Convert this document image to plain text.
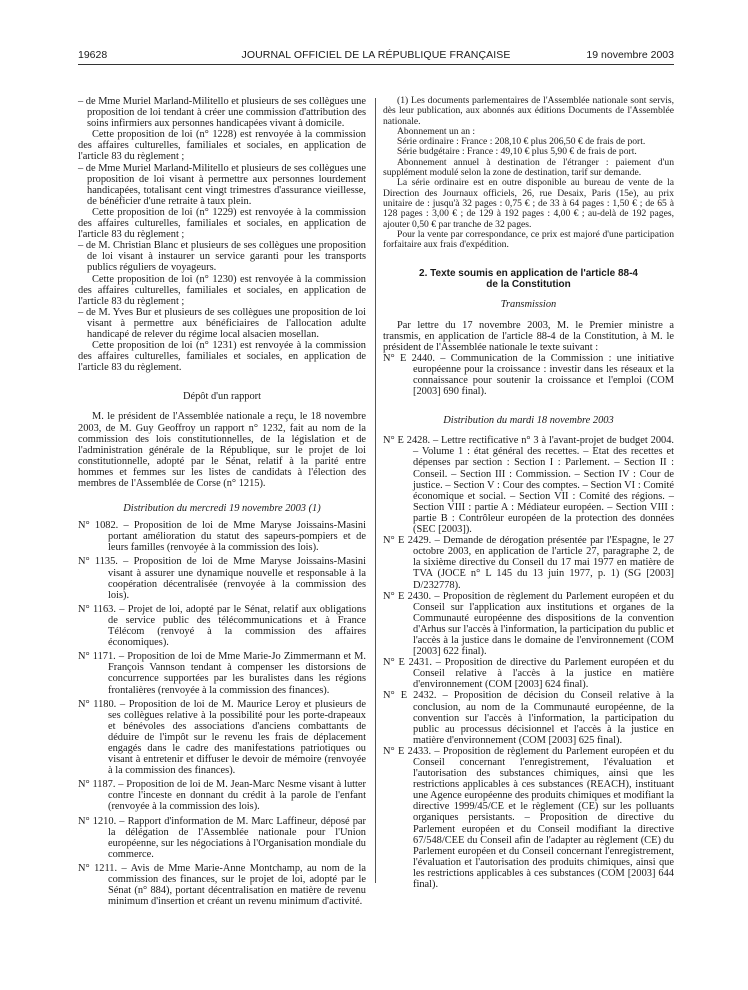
19628	JOURNAL OFFICIEL DE LA RÉPUBLIQUE FRANÇAISE	19 novembre 2003

– de Mme Muriel Marland-Militello et plusieurs de ses collègues une proposition de loi tendant à créer une commission d'attribution des soins infirmiers aux personnes handicapées vivant à domicile.

Cette proposition de loi (n° 1228) est renvoyée à la commission des affaires culturelles, familiales et sociales, en application de l'article 83 du règlement ;

– de Mme Muriel Marland-Militello et plusieurs de ses collègues une proposition de loi visant à permettre aux personnes lourdement handicapées, totalisant cent vingt trimestres d'assurance vieillesse, de bénéficier d'une retraite à taux plein.

Cette proposition de loi (n° 1229) est renvoyée à la commission des affaires culturelles, familiales et sociales, en application de l'article 83 du règlement ;

– de M. Christian Blanc et plusieurs de ses collègues une proposition de loi visant à instaurer un service garanti pour les transports publics réguliers de voyageurs.

Cette proposition de loi (n° 1230) est renvoyée à la commission des affaires culturelles, familiales et sociales, en application de l'article 83 du règlement ;

– de M. Yves Bur et plusieurs de ses collègues une proposition de loi visant à permettre aux bénéficiaires de l'allocation adulte handicapé de relever du régime local alsacien mosellan.

Cette proposition de loi (n° 1231) est renvoyée à la commission des affaires culturelles, familiales et sociales, en application de l'article 83 du règlement.

Dépôt d'un rapport

M. le président de l'Assemblée nationale a reçu, le 18 novembre 2003, de M. Guy Geoffroy un rapport n° 1232, fait au nom de la commission des lois constitutionnelles, de la législation et de l'administration générale de la République, sur le projet de loi constitutionnelle, adopté par le Sénat, relatif à la parité entre hommes et femmes sur les listes de candidats à l'élection des membres de l'Assemblée de Corse (n° 1215).

Distribution du mercredi 19 novembre 2003 (1)

N° 1082. – Proposition de loi de Mme Maryse Joissains-Masini portant amélioration du statut des sapeurs-pompiers et de leurs familles (renvoyée à la commission des lois).

N° 1135. – Proposition de loi de Mme Maryse Joissains-Masini visant à assurer une dynamique nouvelle et responsable à la coopération décentralisée (renvoyée à la commission des lois).

N° 1163. – Projet de loi, adopté par le Sénat, relatif aux obligations de service public des télécommunications et à France Télécom (renvoyé à la commission des affaires économiques).

N° 1171. – Proposition de loi de Mme Marie-Jo Zimmermann et M. François Vannson tendant à compenser les distorsions de concurrence supportées par les buralistes dans les régions frontalières (renvoyée à la commission des finances).

N° 1180. – Proposition de loi de M. Maurice Leroy et plusieurs de ses collègues relative à la possibilité pour les porte-drapeaux et bénévoles des associations d'anciens combattants de déduire de l'impôt sur le revenu les frais de déplacement engagés dans le cadre des manifestations patriotiques ou visant à entretenir et diffuser le devoir de mémoire (renvoyée à la commission des finances).

N° 1187. – Proposition de loi de M. Jean-Marc Nesme visant à lutter contre l'inceste en donnant du crédit à la parole de l'enfant (renvoyée à la commission des lois).

N° 1210. – Rapport d'information de M. Marc Laffineur, déposé par la délégation de l'Assemblée nationale pour l'Union européenne, sur les négociations à l'Organisation mondiale du commerce.

N° 1211. – Avis de Mme Marie-Anne Montchamp, au nom de la commission des finances, sur le projet de loi, adopté par le Sénat (n° 884), portant décentralisation en matière de revenu minimum d'insertion et créant un revenu minimum d'activité.

(1) Les documents parlementaires de l'Assemblée nationale sont servis, dès leur publication, aux abonnés aux éditions Documents de l'Assemblée nationale.

Abonnement un an :

Série ordinaire : France : 208,10 € plus 206,50 € de frais de port.

Série budgétaire : France : 49,10 € plus 5,90 € de frais de port.

Abonnement annuel à destination de l'étranger : paiement d'un supplément modulé selon la zone de destination, tarif sur demande.

La série ordinaire est en outre disponible au bureau de vente de la Direction des Journaux officiels, 26, rue Desaix, Paris (15e), au prix unitaire de : jusqu'à 32 pages : 0,75 € ; de 33 à 64 pages : 1,50 € ; de 65 à 128 pages : 3,00 € ; de 129 à 192 pages : 4,00 € ; au-delà de 192 pages, ajouter 0,50 € par tranche de 32 pages.

Pour la vente par correspondance, ce prix est majoré d'une participation forfaitaire aux frais d'expédition.

2. Texte soumis en application de l'article 88-4

de la Constitution

Transmission

Par lettre du 17 novembre 2003, M. le Premier ministre a transmis, en application de l'article 88-4 de la Constitution, à M. le président de l'Assemblée nationale le texte suivant :

N° E 2440. – Communication de la Commission : une initiative européenne pour la croissance : investir dans les réseaux et la connaissance pour soutenir la croissance et l'emploi (COM [2003] 690 final).

Distribution du mardi 18 novembre 2003

N° E 2428. – Lettre rectificative n° 3 à l'avant-projet de budget 2004. – Volume 1 : état général des recettes. – Etat des recettes et dépenses par section : Section I : Parlement. – Section II : Conseil. – Section III : Commission. – Section IV : Cour de justice. – Section V : Cour des comptes. – Section VI : Comité économique et social. – Section VII : Comité des régions. – Section VIII : partie A : Médiateur européen. – Section VIII : partie B : Contrôleur européen de la protection des données (SEC [2003]).

N° E 2429. – Demande de dérogation présentée par l'Espagne, le 27 octobre 2003, en application de l'article 27, paragraphe 2, de la sixième directive du Conseil du 17 mai 1977 en matière de TVA (JOCE n° L 145 du 13 juin 1977, p. 1) (SG [2003] D/232778).

N° E 2430. – Proposition de règlement du Parlement européen et du Conseil sur l'application aux institutions et organes de la Communauté européenne des dispositions de la convention d'Arhus sur l'accès à l'information, la participation du public et l'accès à la justice dans le domaine de l'environnement (COM [2003] 622 final).

N° E 2431. – Proposition de directive du Parlement européen et du Conseil relative à l'accès à la justice en matière d'environnement (COM [2003] 624 final).

N° E 2432. – Proposition de décision du Conseil relative à la conclusion, au nom de la Communauté européenne, de la convention sur l'accès à l'information, la participation du public au processus décisionnel et l'accès à la justice en matière d'environnement (COM [2003] 625 final).

N° E 2433. – Proposition de règlement du Parlement européen et du Conseil concernant l'enregistrement, l'évaluation et l'autorisation des substances chimiques, ainsi que les restrictions applicables à ces substances (REACH), instituant une Agence européenne des produits chimiques et modifiant la directive 1999/45/CE et le règlement (CE) sur les polluants organiques persistants. – Proposition de directive du Parlement européen et du Conseil modifiant la directive 67/548/CEE du Conseil afin de l'adapter au règlement (CE) du Parlement européen et du Conseil concernant l'enregistrement, l'évaluation et l'autorisation des produits chimiques, ainsi que les restrictions applicables à ces substances (COM [2003] 644 final).
